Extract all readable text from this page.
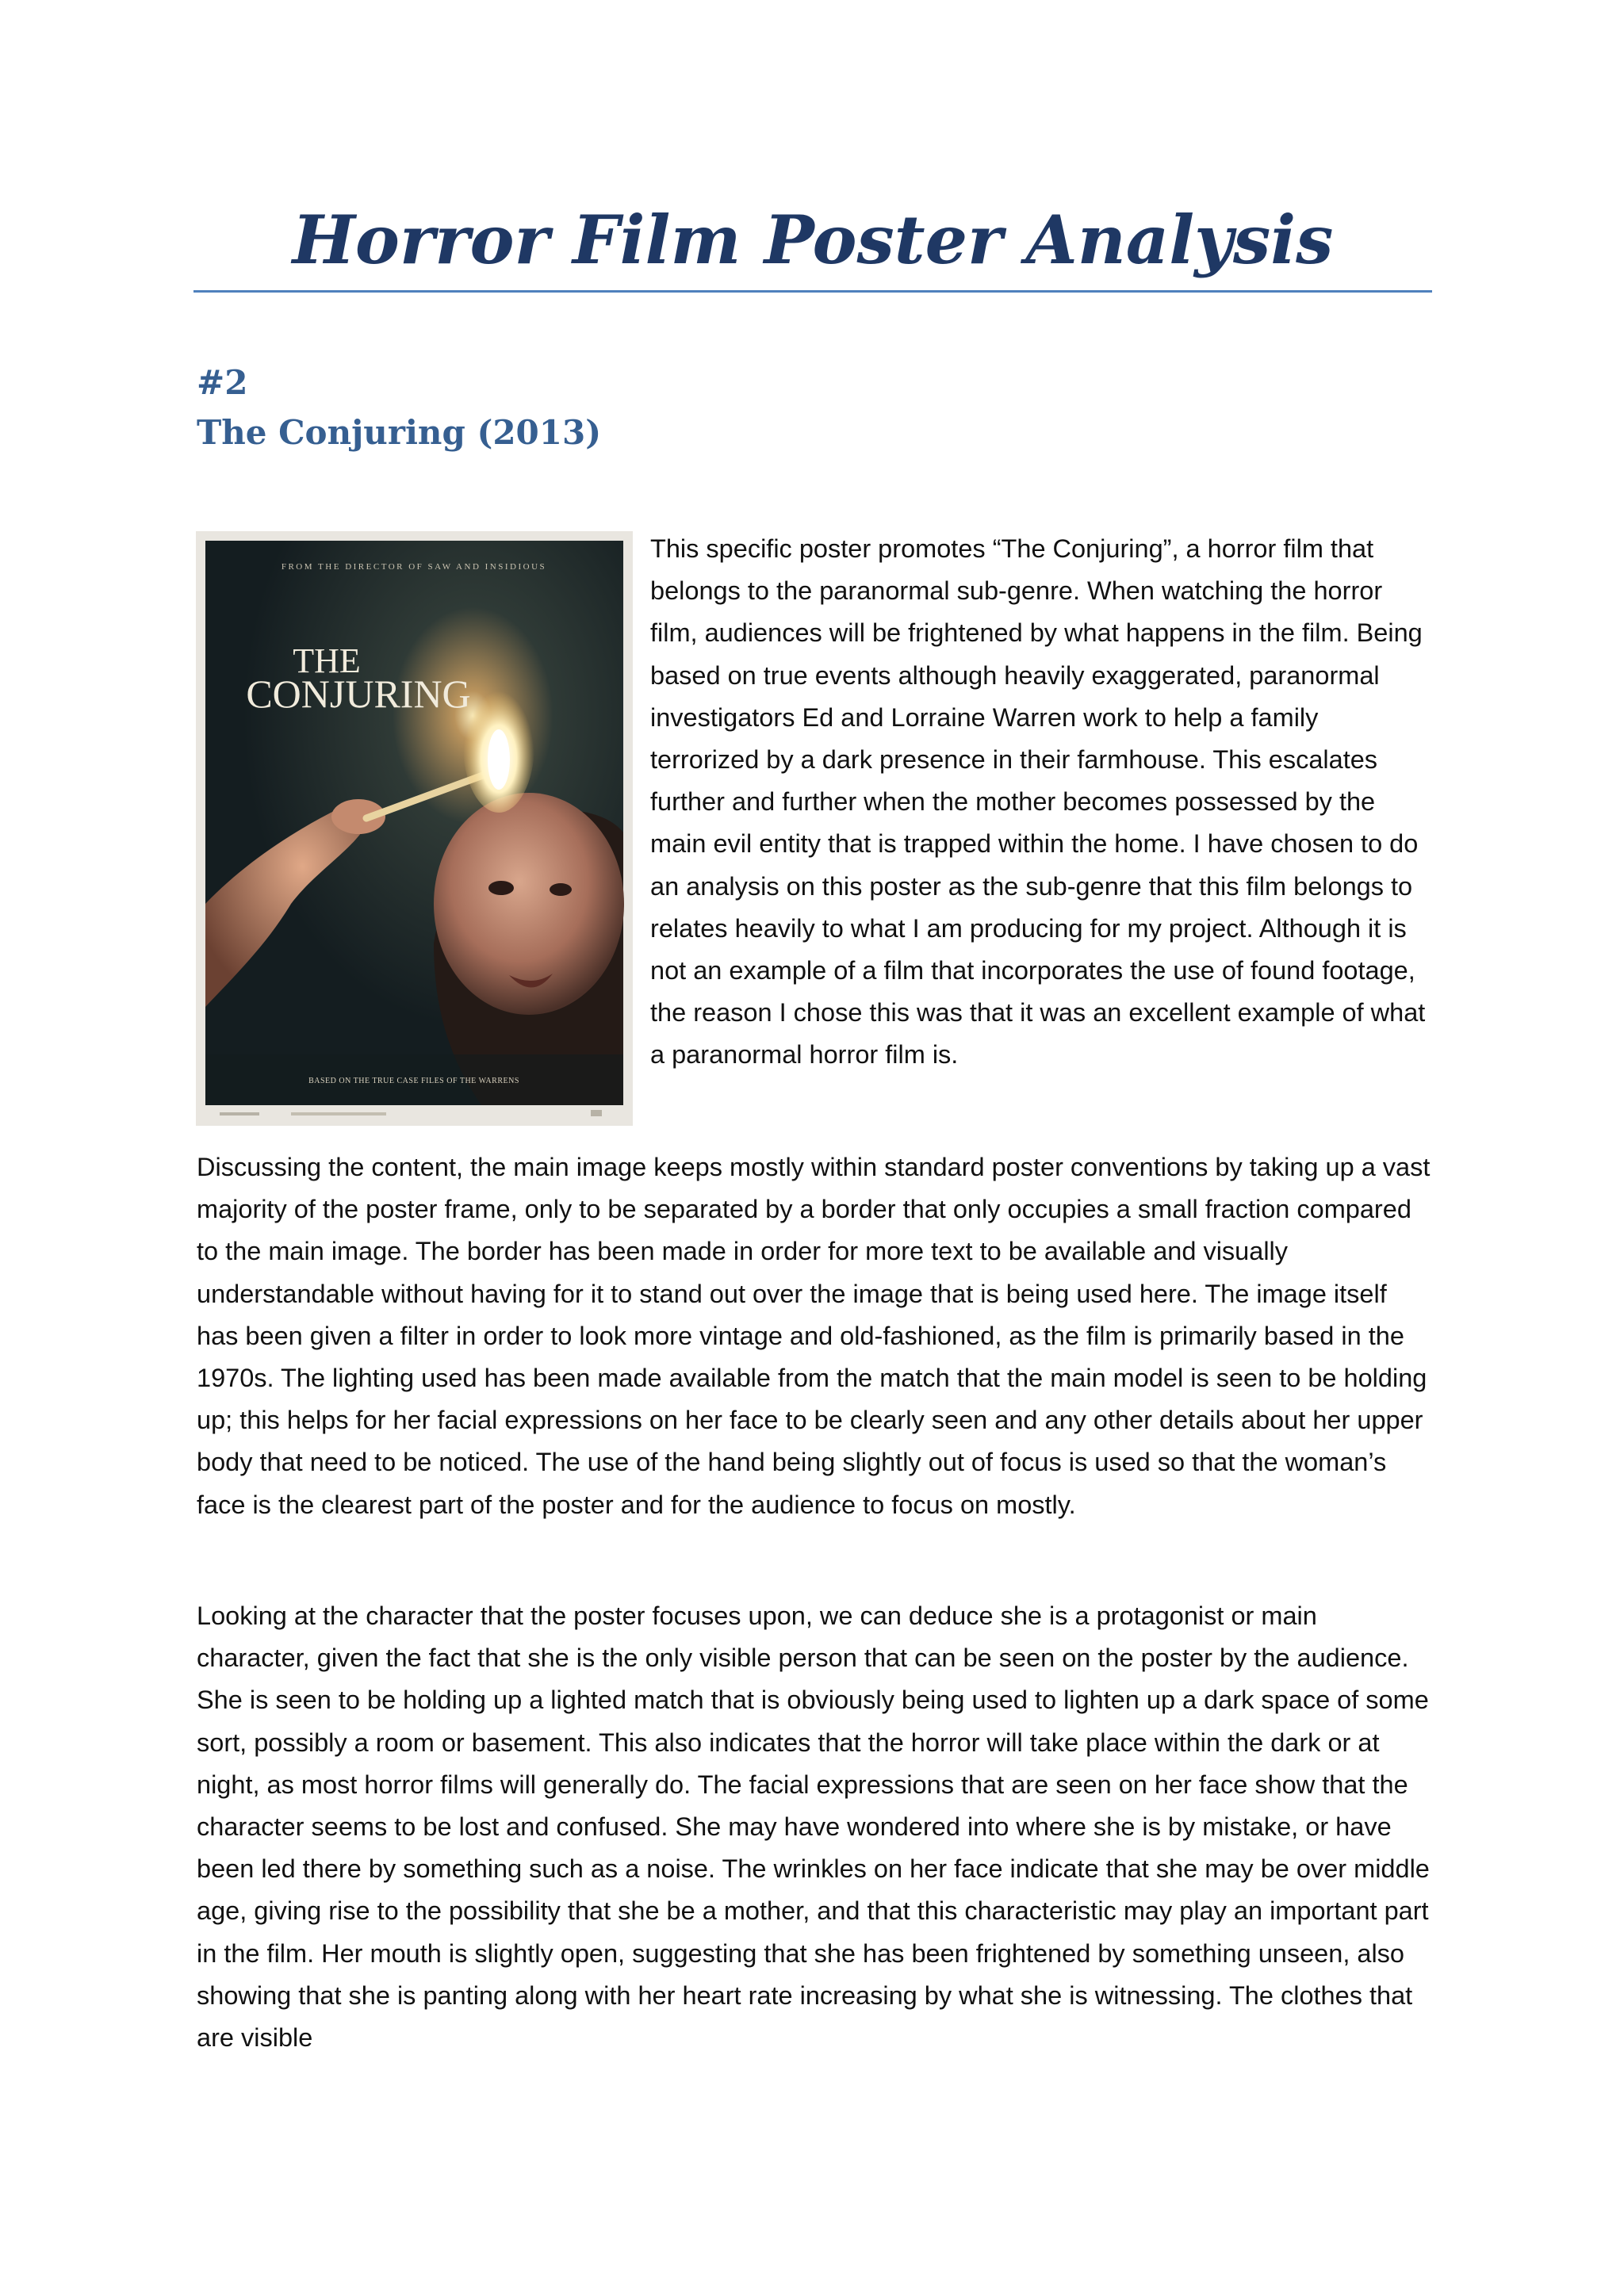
Horror Film Poster Analysis
#2
The Conjuring (2013)
FROM THE DIRECTOR OF SAW AND INSIDIOUS
THE
CONJURING
BASED ON THE TRUE CASE FILES OF THE WARRENS

This specific poster promotes “The Conjuring”, a horror film that belongs to the paranormal sub-genre. When watching the horror film, audiences will be frightened by what happens in the film. Being based on true events although heavily exaggerated, paranormal investigators Ed and Lorraine Warren work to help a family terrorized by a dark presence in their farmhouse. This escalates further and further when the mother becomes possessed by the main evil entity that is trapped within the home. I have chosen to do an analysis on this poster as the sub-genre that this film belongs to relates heavily to what I am producing for my project. Although it is not an example of a film that incorporates the use of found footage, the reason I chose this was that it was an excellent example of what a paranormal horror film is.

Discussing the content, the main image keeps mostly within standard poster conventions by taking up a vast majority of the poster frame, only to be separated by a border that only occupies a small fraction compared to the main image. The border has been made in order for more text to be available and visually understandable without having for it to stand out over the image that is being used here. The image itself has been given a filter in order to look more vintage and old-fashioned, as the film is primarily based in the 1970s. The lighting used has been made available from the match that the main model is seen to be holding up; this helps for her facial expressions on her face to be clearly seen and any other details about her upper body that need to be noticed. The use of the hand being slightly out of focus is used so that the woman’s face is the clearest part of the poster and for the audience to focus on mostly.

Looking at the character that the poster focuses upon, we can deduce she is a protagonist or main character, given the fact that she is the only visible person that can be seen on the poster by the audience. She is seen to be holding up a lighted match that is obviously being used to lighten up a dark space of some sort, possibly a room or basement. This also indicates that the horror will take place within the dark or at night, as most horror films will generally do. The facial expressions that are seen on her face show that the character seems to be lost and confused. She may have wondered into where she is by mistake, or have been led there by something such as a noise. The wrinkles on her face indicate that she may be over middle age, giving rise to the possibility that she be a mother, and that this characteristic may play an important part in the film. Her mouth is slightly open, suggesting that she has been frightened by something unseen, also showing that she is panting along with her heart rate increasing by what she is witnessing. The clothes that are visible
